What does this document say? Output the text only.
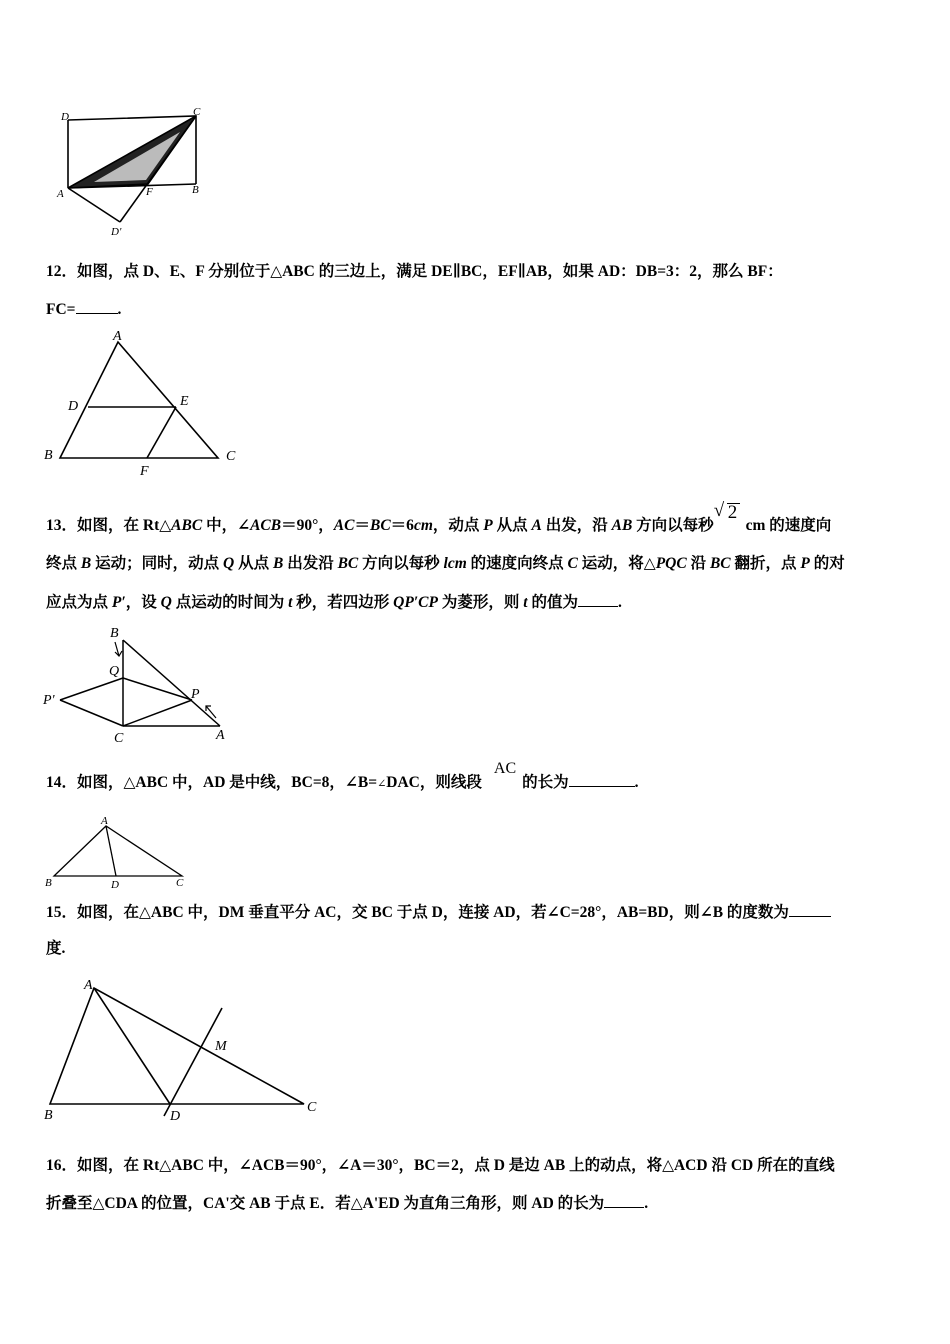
D	C
A	F	B
D'
12．如图，点 D、E、F 分别位于△ABC 的三边上，满足 DE∥BC，EF∥AB，如果 AD：DB=3：2，那么 BF：
FC=	.
A
D	E
B
F
C
13．如图，在 Rt△ABC 中，∠ACB＝90°，AC＝BC＝6cm，动点 P 从点 A 出发，沿 AB 方向以每秒
√ 2
cm 的速度向
终点 B 运动；同时，动点 Q 从点 B 出发沿 BC 方向以每秒 lcm 的速度向终点 C 运动，将△PQC 沿 BC 翻折，点 P 的对
应点为点 P′，设 Q 点运动的时间为 t 秒，若四边形 QP′CP 为菱形，则 t 的值为	.
B
Q
P'	P
C	A
14．如图，△ABC 中，AD 是中线，BC=8，∠B=∠DAC，则线段AC的长为	.
A
B	D	C
15．如图，在△ABC 中，DM 垂直平分 AC，交 BC 于点 D，连接 AD，若∠C=28°，AB=BD，则∠B 的度数为
度.
A
M
B	D
C
16．如图，在 Rt△ABC 中，∠ACB＝90°，∠A＝30°，BC＝2，点 D 是边 AB 上的动点，将△ACD 沿 CD 所在的直线
折叠至△CDA 的位置，CA'交 AB 于点 E．若△A'ED 为直角三角形，则 AD 的长为	.
